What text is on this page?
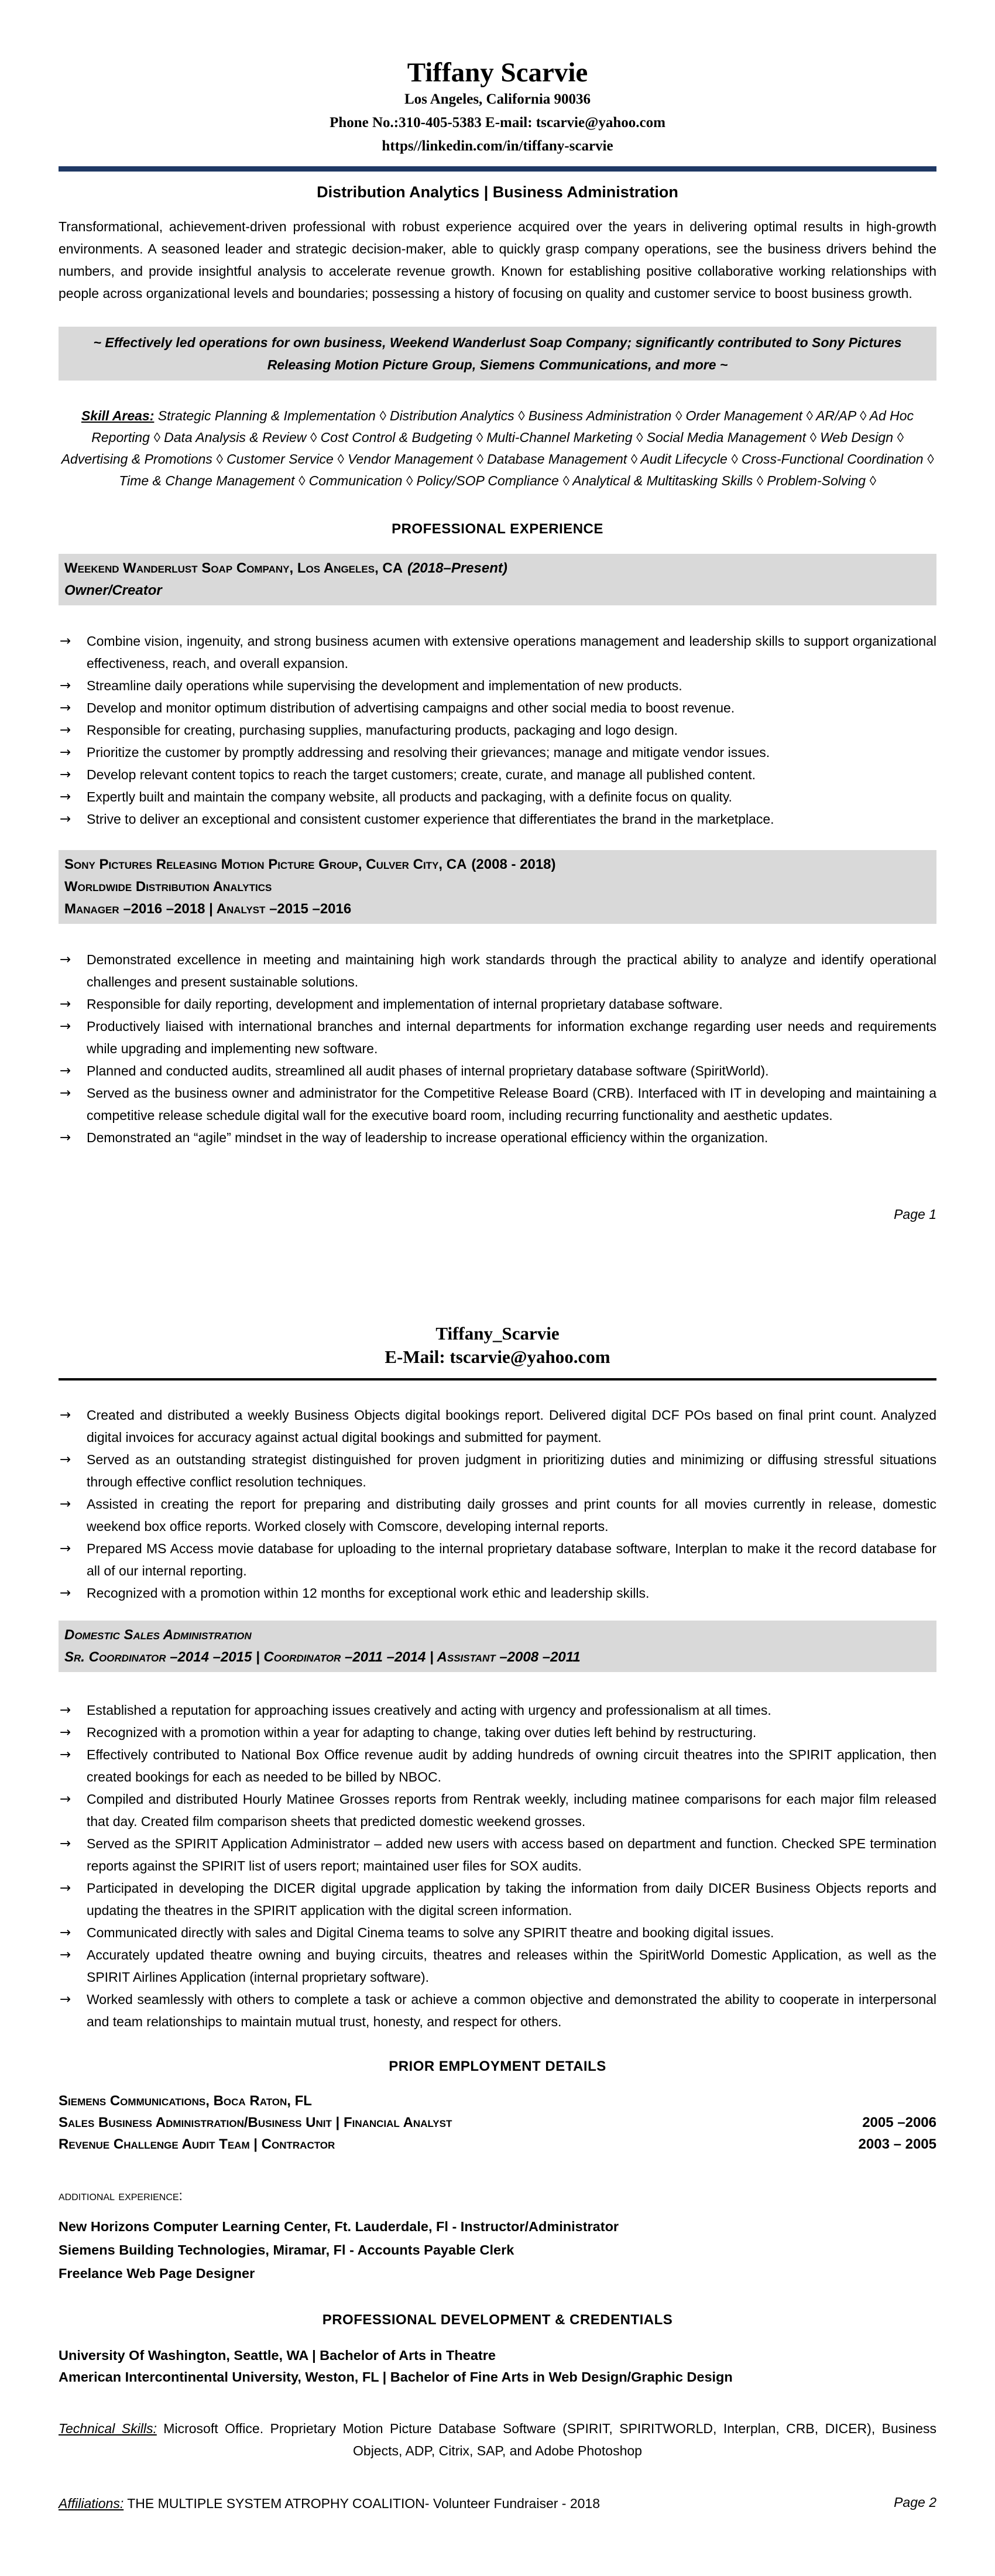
Tiffany Scarvie
Los Angeles, California 90036
Phone No.:310-405-5383 E-mail: tscarvie@yahoo.com
https//linkedin.com/in/tiffany-scarvie
Distribution Analytics | Business Administration
Transformational, achievement-driven professional with robust experience acquired over the years in delivering optimal results in high-growth environments. A seasoned leader and strategic decision-maker, able to quickly grasp company operations, see the business drivers behind the numbers, and provide insightful analysis to accelerate revenue growth. Known for establishing positive collaborative working relationships with people across organizational levels and boundaries; possessing a history of focusing on quality and customer service to boost business growth.
~ Effectively led operations for own business, Weekend Wanderlust Soap Company; significantly contributed to Sony Pictures Releasing Motion Picture Group, Siemens Communications, and more ~
Skill Areas: Strategic Planning & Implementation ◊ Distribution Analytics ◊ Business Administration ◊ Order Management ◊ AR/AP ◊ Ad Hoc Reporting ◊ Data Analysis & Review ◊ Cost Control & Budgeting ◊ Multi-Channel Marketing ◊ Social Media Management ◊ Web Design ◊ Advertising & Promotions ◊ Customer Service ◊ Vendor Management ◊ Database Management ◊ Audit Lifecycle ◊ Cross-Functional Coordination ◊ Time & Change Management ◊ Communication ◊ Policy/SOP Compliance ◊ Analytical & Multitasking Skills ◊ Problem-Solving ◊
PROFESSIONAL EXPERIENCE
Weekend Wanderlust Soap Company, Los Angeles, CA (2018–Present)
Owner/Creator
→ Combine vision, ingenuity, and strong business acumen with extensive operations management and leadership skills to support organizational effectiveness, reach, and overall expansion.
→ Streamline daily operations while supervising the development and implementation of new products.
→ Develop and monitor optimum distribution of advertising campaigns and other social media to boost revenue.
→ Responsible for creating, purchasing supplies, manufacturing products, packaging and logo design.
→ Prioritize the customer by promptly addressing and resolving their grievances; manage and mitigate vendor issues.
→ Develop relevant content topics to reach the target customers; create, curate, and manage all published content.
→ Expertly built and maintain the company website, all products and packaging, with a definite focus on quality.
→ Strive to deliver an exceptional and consistent customer experience that differentiates the brand in the marketplace.
Sony Pictures Releasing Motion Picture Group, Culver City, CA (2008 - 2018)
Worldwide Distribution Analytics
Manager –2016 –2018 | Analyst –2015 –2016
→ Demonstrated excellence in meeting and maintaining high work standards through the practical ability to analyze and identify operational challenges and present sustainable solutions.
→ Responsible for daily reporting, development and implementation of internal proprietary database software.
→ Productively liaised with international branches and internal departments for information exchange regarding user needs and requirements while upgrading and implementing new software.
→ Planned and conducted audits, streamlined all audit phases of internal proprietary database software (SpiritWorld).
→ Served as the business owner and administrator for the Competitive Release Board (CRB). Interfaced with IT in developing and maintaining a competitive release schedule digital wall for the executive board room, including recurring functionality and aesthetic updates.
→ Demonstrated an “agile” mindset in the way of leadership to increase operational efficiency within the organization.
Page 1
Tiffany_Scarvie
E-Mail: tscarvie@yahoo.com
→ Created and distributed a weekly Business Objects digital bookings report. Delivered digital DCF POs based on final print count. Analyzed digital invoices for accuracy against actual digital bookings and submitted for payment.
→ Served as an outstanding strategist distinguished for proven judgment in prioritizing duties and minimizing or diffusing stressful situations through effective conflict resolution techniques.
→ Assisted in creating the report for preparing and distributing daily grosses and print counts for all movies currently in release, domestic weekend box office reports. Worked closely with Comscore, developing internal reports.
→ Prepared MS Access movie database for uploading to the internal proprietary database software, Interplan to make it the record database for all of our internal reporting.
→ Recognized with a promotion within 12 months for exceptional work ethic and leadership skills.
Domestic Sales Administration
Sr. Coordinator –2014 –2015 | Coordinator –2011 –2014 | Assistant –2008 –2011
→ Established a reputation for approaching issues creatively and acting with urgency and professionalism at all times.
→ Recognized with a promotion within a year for adapting to change, taking over duties left behind by restructuring.
→ Effectively contributed to National Box Office revenue audit by adding hundreds of owning circuit theatres into the SPIRIT application, then created bookings for each as needed to be billed by NBOC.
→ Compiled and distributed Hourly Matinee Grosses reports from Rentrak weekly, including matinee comparisons for each major film released that day. Created film comparison sheets that predicted domestic weekend grosses.
→ Served as the SPIRIT Application Administrator – added new users with access based on department and function. Checked SPE termination reports against the SPIRIT list of users report; maintained user files for SOX audits.
→ Participated in developing the DICER digital upgrade application by taking the information from daily DICER Business Objects reports and updating the theatres in the SPIRIT application with the digital screen information.
→ Communicated directly with sales and Digital Cinema teams to solve any SPIRIT theatre and booking digital issues.
→ Accurately updated theatre owning and buying circuits, theatres and releases within the SpiritWorld Domestic Application, as well as the SPIRIT Airlines Application (internal proprietary software).
→ Worked seamlessly with others to complete a task or achieve a common objective and demonstrated the ability to cooperate in interpersonal and team relationships to maintain mutual trust, honesty, and respect for others.
PRIOR EMPLOYMENT DETAILS
Siemens Communications, Boca Raton, FL
Sales Business Administration/Business Unit | Financial Analyst	2005 –2006
Revenue Challenge Audit Team | Contractor	2003 – 2005
additional experience:
New Horizons Computer Learning Center, Ft. Lauderdale, Fl - Instructor/Administrator
Siemens Building Technologies, Miramar, Fl - Accounts Payable Clerk
Freelance Web Page Designer
PROFESSIONAL DEVELOPMENT & CREDENTIALS
University Of Washington, Seattle, WA | Bachelor of Arts in Theatre
American Intercontinental University, Weston, FL | Bachelor of Fine Arts in Web Design/Graphic Design
Technical Skills: Microsoft Office. Proprietary Motion Picture Database Software (SPIRIT, SPIRITWORLD, Interplan, CRB, DICER), Business Objects, ADP, Citrix, SAP, and Adobe Photoshop
Affiliations: THE MULTIPLE SYSTEM ATROPHY COALITION- Volunteer Fundraiser - 2018	Page 2
